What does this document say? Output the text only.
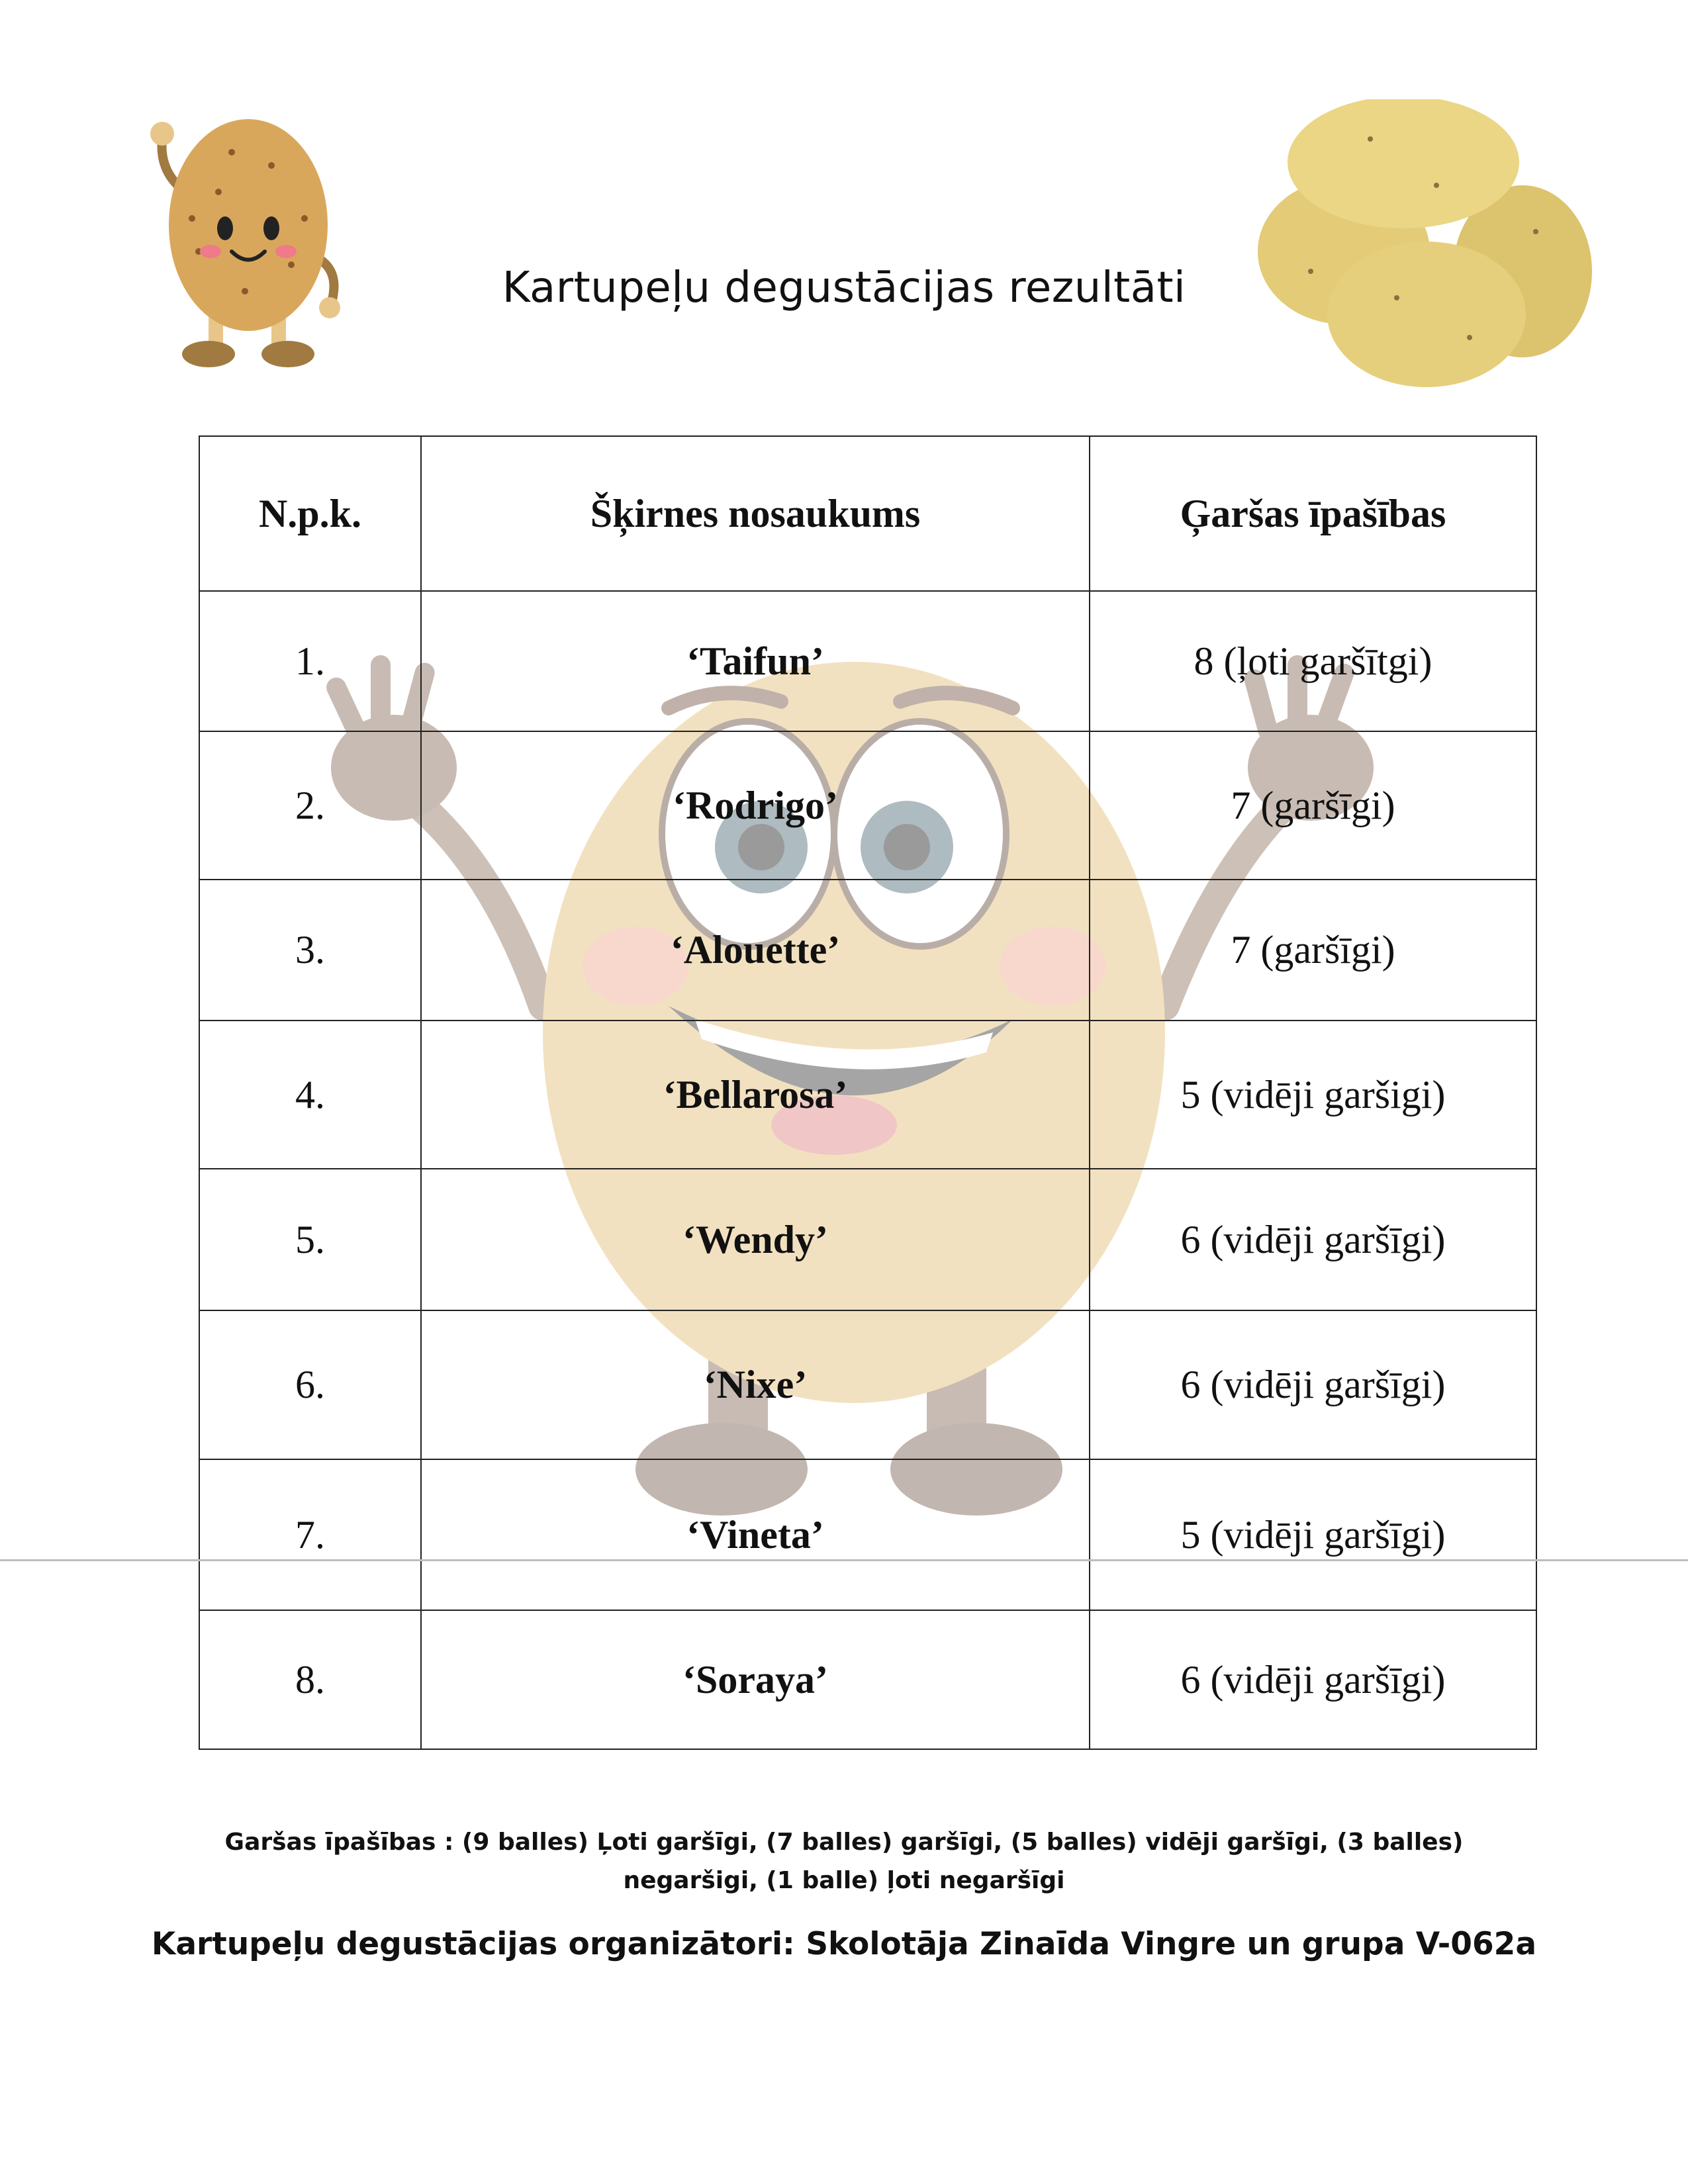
Kartupeļu degustācijas rezultāti
N.p.k.	Šķirnes nosaukums	Ģaršas īpašības
1.	‘Taifun’	8 (ļoti garšītgi)
2.	‘Rodrigo’	7 (garšīgi)
3.	‘Alouette’	7 (garšīgi)
4.	‘Bellarosa’	5 (vidēji garšigi)
5.	‘Wendy’	6 (vidēji garšīgi)
6.	‘Nixe’	6 (vidēji garšīgi)
7.	‘Vineta’	5 (vidēji garšīgi)
8.	‘Soraya’	6 (vidēji garšīgi)
Garšas īpašības : (9 balles) Ļoti garšīgi, (7 balles) garšīgi, (5 balles) vidēji garšīgi, (3 balles) negaršigi, (1 balle) ļoti negaršīgi
Kartupeļu degustācijas organizātori: Skolotāja Zinaīda Vingre un grupa V-062a
